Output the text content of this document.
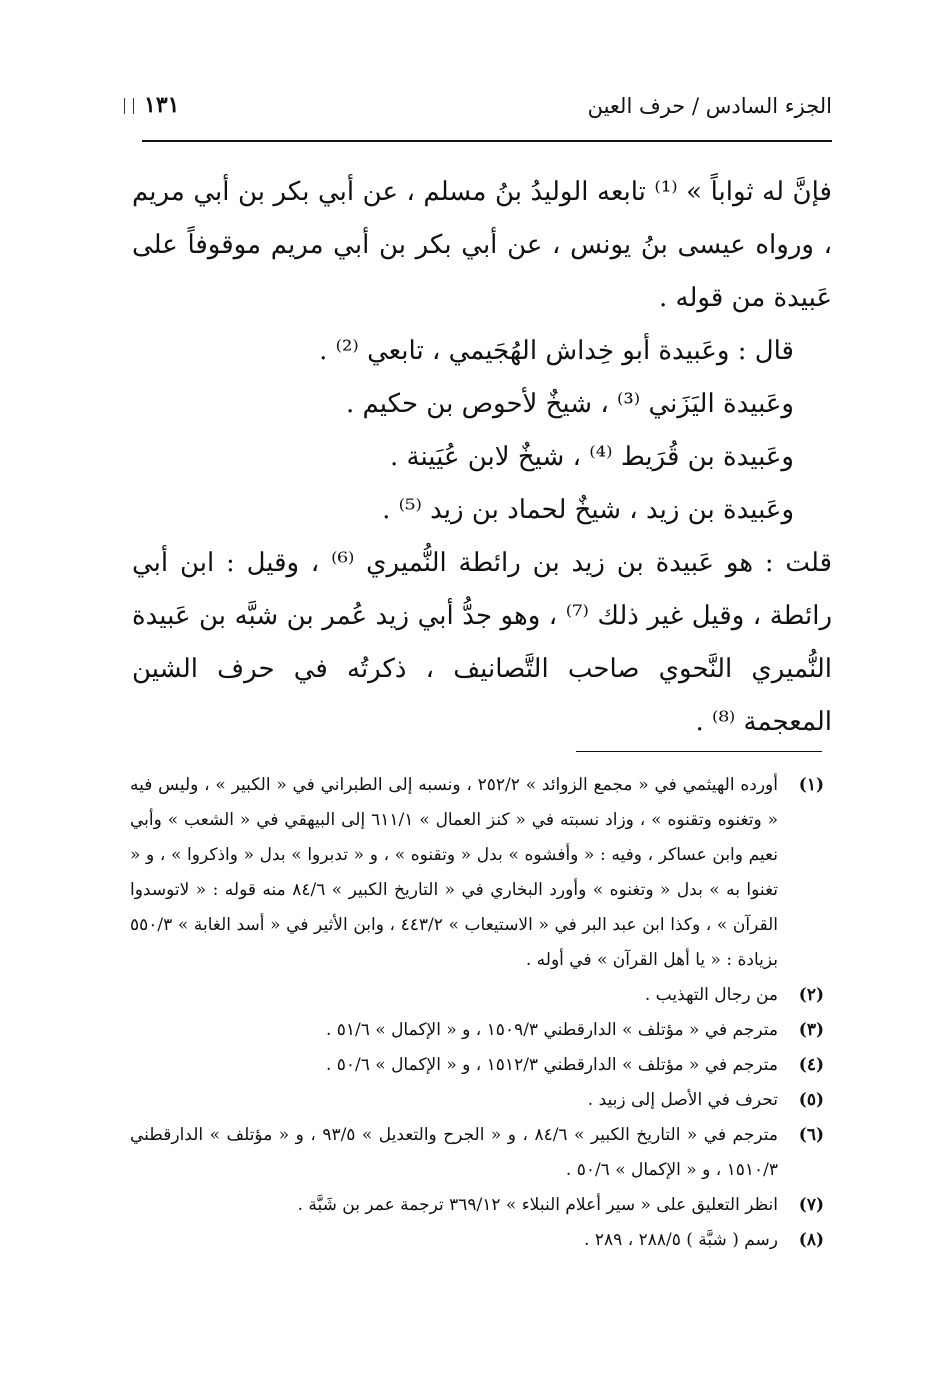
الجزء السادس / حرف العين
١٣١

فإنَّ له ثواباً » ⁽¹⁾ تابعه الوليدُ بنُ مسلم ، عن أبي بكر بن أبي مريم ، ورواه عيسى بنُ يونس ، عن أبي بكر بن أبي مريم موقوفاً على عَبيدة من قوله .

قال : وعَبيدة أبو خِداش الهُجَيمي ، تابعي ⁽²⁾ .

وعَبيدة اليَزَني ⁽³⁾ ، شيخٌ لأحوص بن حكيم .

وعَبيدة بن قُرَيط ⁽⁴⁾ ، شيخٌ لابن عُيَينة .

وعَبيدة بن زيد ، شيخٌ لحماد بن زيد ⁽⁵⁾ .

قلت : هو عَبيدة بن زيد بن رائطة النُّميري ⁽⁶⁾ ، وقيل : ابن أبي رائطة ، وقيل غير ذلك ⁽⁷⁾ ، وهو جدُّ أبي زيد عُمر بن شبَّه بن عَبيدة النُّميري النَّحوي صاحب التَّصانيف ، ذكرتُه في حرف الشين المعجمة ⁽⁸⁾ .

(١)
أورده الهيثمي في « مجمع الزوائد » ٢٥٢/٢ ، ونسبه إلى الطبراني في « الكبير » ، وليس فيه « وتغنوه وتقنوه » ، وزاد نسبته في « كنز العمال » ٦١١/١ إلى البيهقي في « الشعب » وأبي نعيم وابن عساكر ، وفيه : « وأفشوه » بدل « وتقنوه » ، و « تدبروا » بدل « واذكروا » ، و « تغنوا به » بدل « وتغنوه » وأورد البخاري في « التاريخ الكبير » ٨٤/٦ منه قوله : « لاتوسدوا القرآن » ، وكذا ابن عبد البر في « الاستيعاب » ٤٤٣/٢ ، وابن الأثير في « أسد الغابة » ٥٥٠/٣ بزيادة : « يا أهل القرآن » في أوله .

(٢)
من رجال التهذيب .

(٣)
مترجم في « مؤتلف » الدارقطني ١٥٠٩/٣ ، و « الإكمال » ٥١/٦ .

(٤)
مترجم في « مؤتلف » الدارقطني ١٥١٢/٣ ، و « الإكمال » ٥٠/٦ .

(٥)
تحرف في الأصل إلى زبيد .

(٦)
مترجم في « التاريخ الكبير » ٨٤/٦ ، و « الجرح والتعديل » ٩٣/٥ ، و « مؤتلف » الدارقطني ١٥١٠/٣ ، و « الإكمال » ٥٠/٦ .

(٧)
انظر التعليق على « سير أعلام النبلاء » ٣٦٩/١٢ ترجمة عمر بن شَبَّة .

(٨)
رسم ( شبَّة ) ٢٨٨/٥ ، ٢٨٩ .
